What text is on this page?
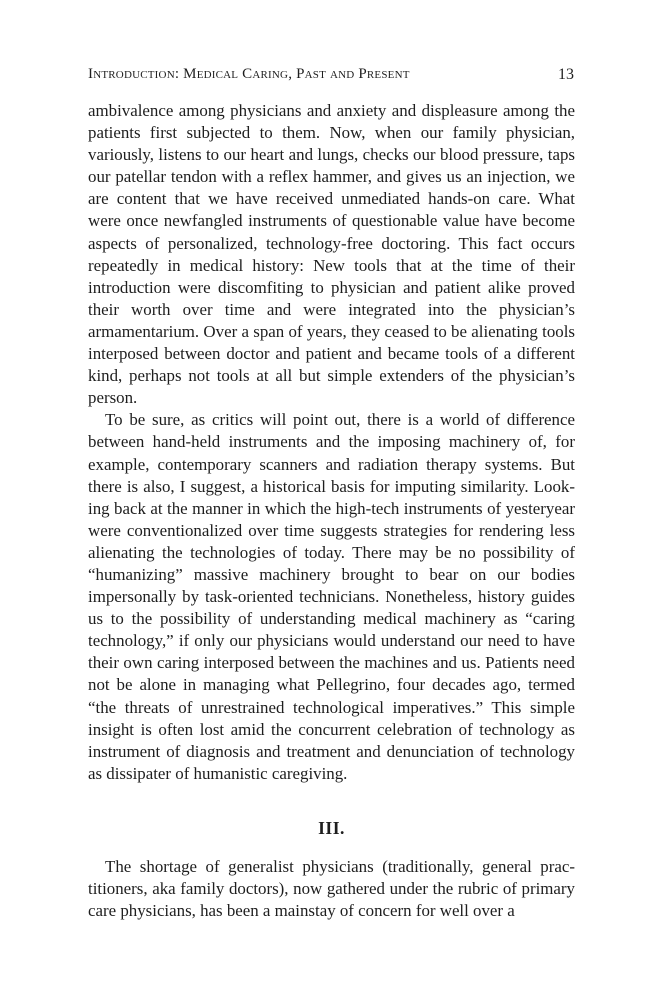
Introduction: Medical Caring, Past and Present	13

ambivalence among physicians and anxiety and displeasure among the patients first subjected to them. Now, when our family physician, variously, listens to our heart and lungs, checks our blood pressure, taps our patellar tendon with a reflex hammer, and gives us an injection, we are content that we have received unmediated hands-on care. What were once newfangled instruments of questionable value have become aspects of personalized, technology-free doctoring. This fact occurs repeatedly in medical history: New tools that at the time of their introduction were discomfiting to physician and patient alike proved their worth over time and were integrated into the physician’s armamentarium. Over a span of years, they ceased to be alienating tools interposed between doctor and patient and became tools of a different kind, perhaps not tools at all but simple extenders of the physician’s person.

To be sure, as critics will point out, there is a world of difference between hand-held instruments and the imposing machinery of, for example, contemporary scanners and radiation therapy systems. But there is also, I suggest, a historical basis for imputing similarity. Looking back at the manner in which the high-tech instruments of yesteryear were conventionalized over time suggests strategies for rendering less alienating the technologies of today. There may be no possibility of “humanizing” massive machinery brought to bear on our bodies impersonally by task-oriented technicians. Nonetheless, history guides us to the possibility of understanding medical machinery as “caring technology,” if only our physicians would understand our need to have their own caring interposed between the machines and us. Patients need not be alone in managing what Pellegrino, four decades ago, termed “the threats of unrestrained technological imperatives.” This simple insight is often lost amid the concurrent celebration of technology as instrument of diagnosis and treatment and denunciation of technology as dissipater of humanistic caregiving.

III.

The shortage of generalist physicians (traditionally, general practitioners, aka family doctors), now gathered under the rubric of primary care physicians, has been a mainstay of concern for well over a
